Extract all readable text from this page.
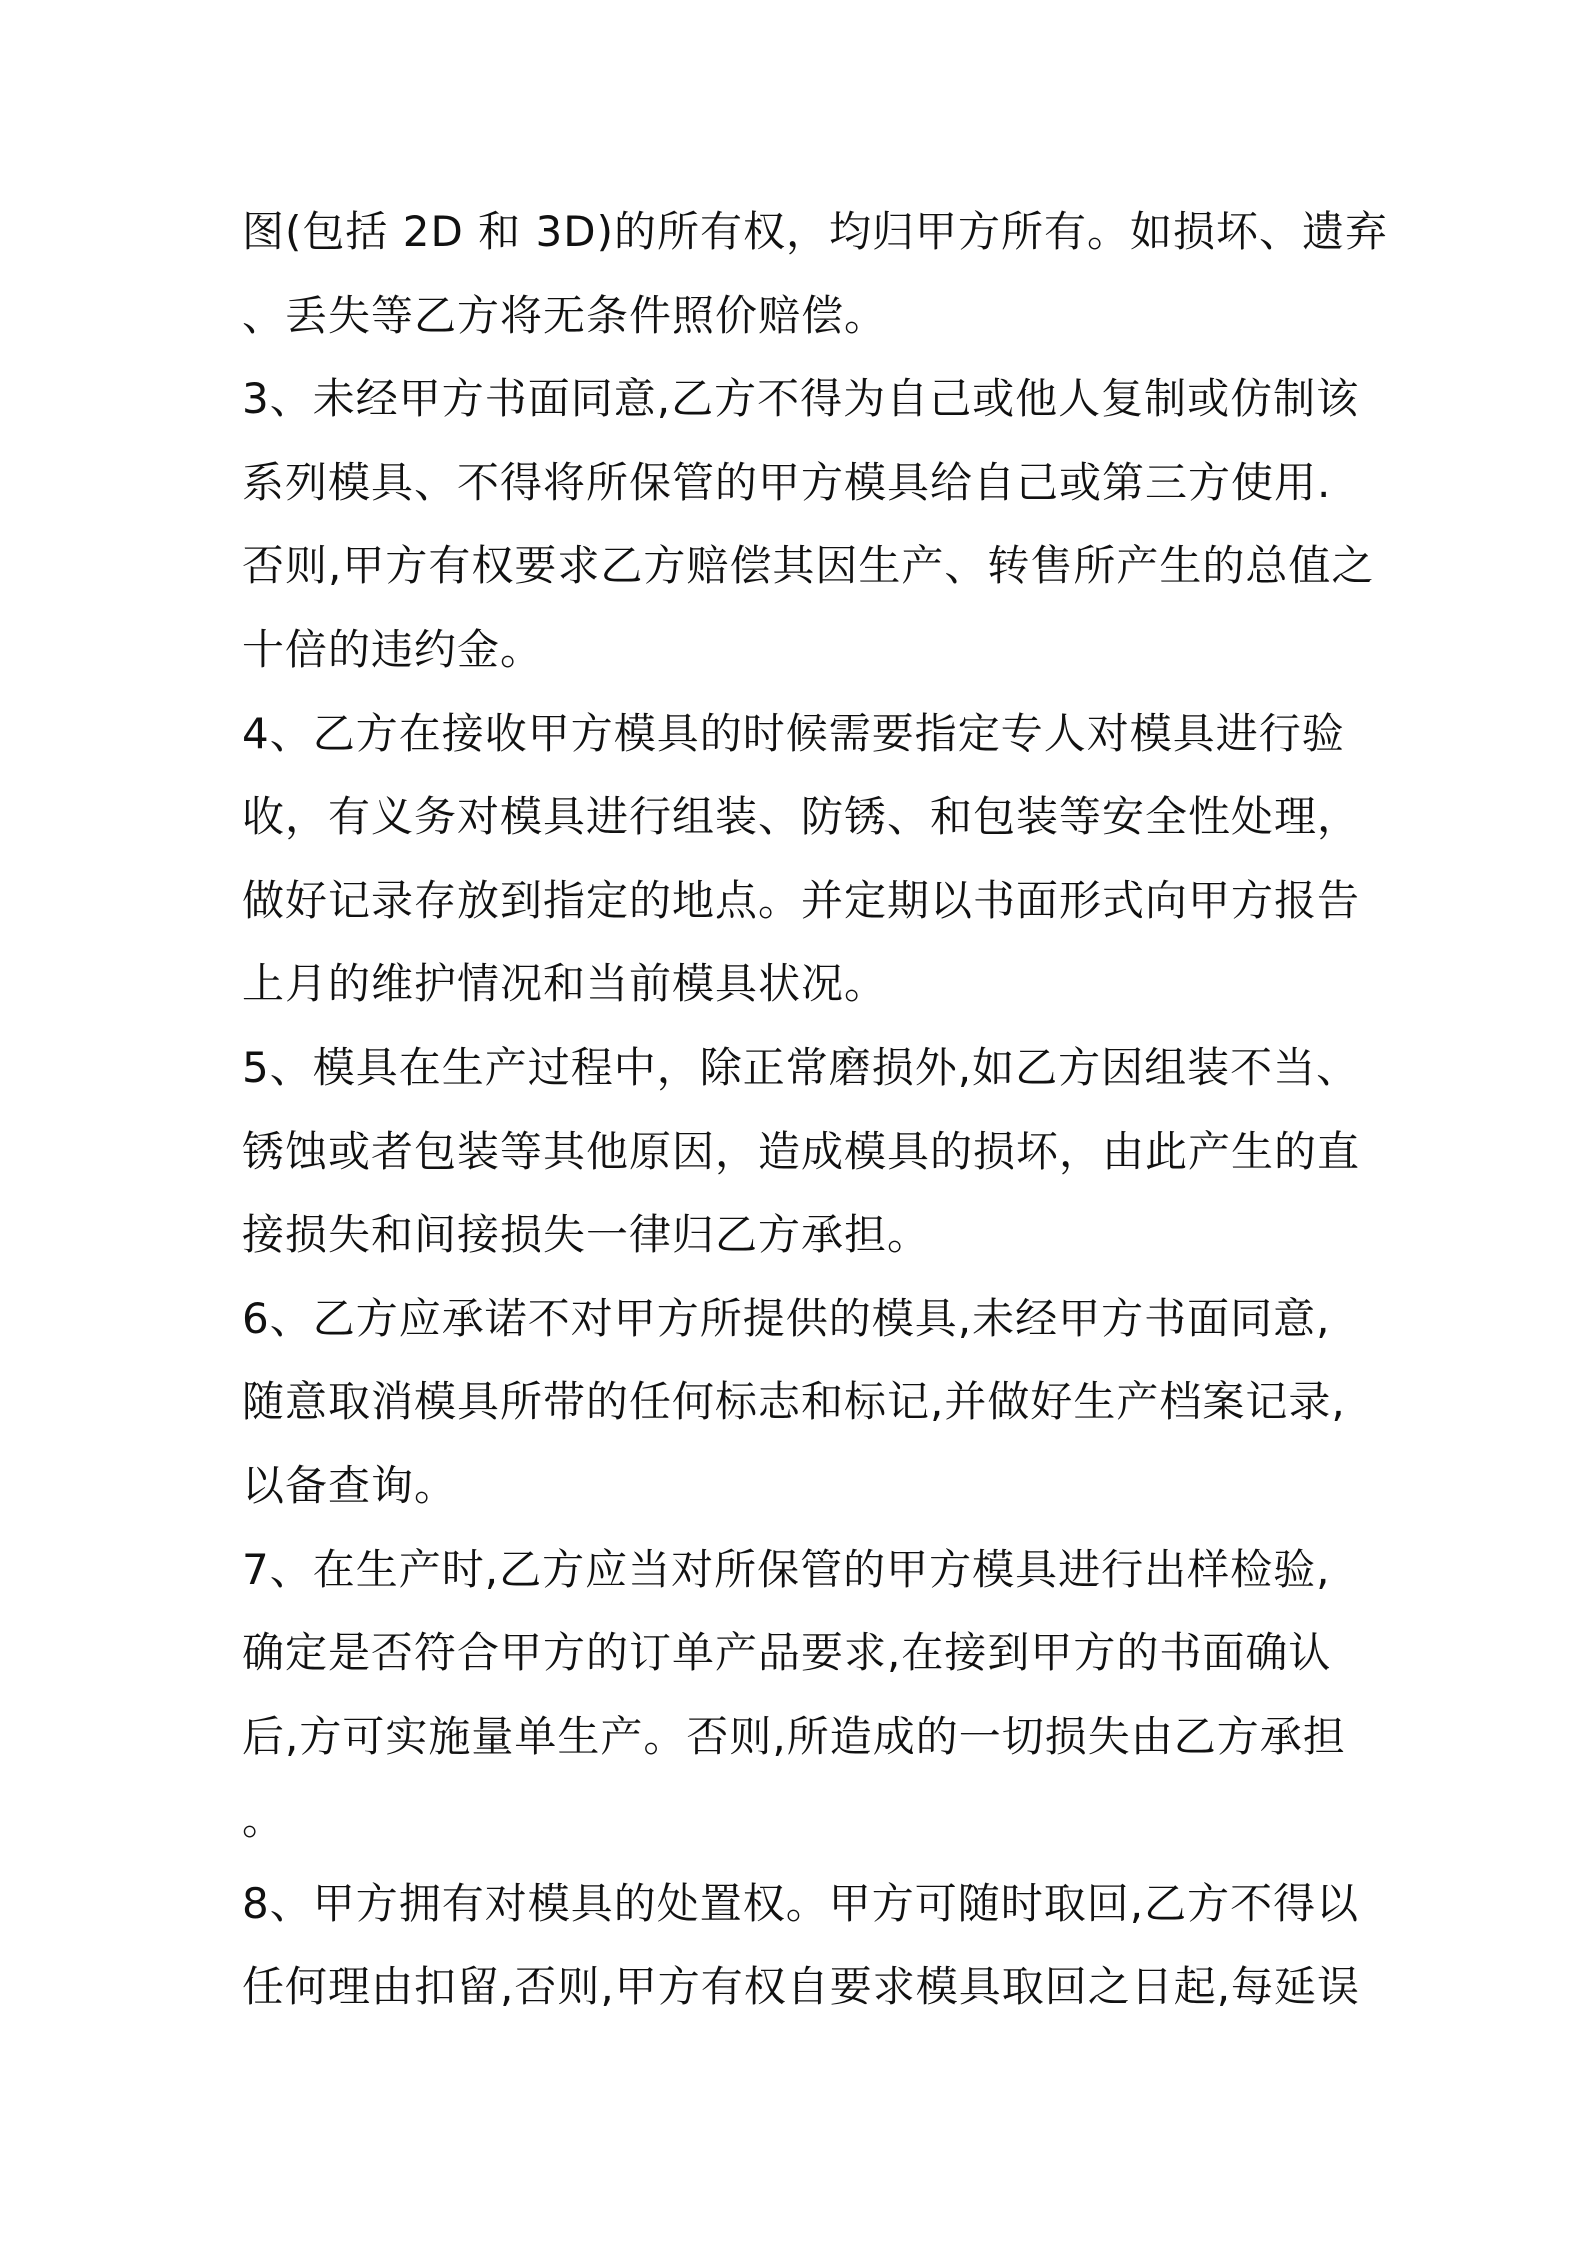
图(包括 2D 和 3D)的所有权，均归甲方所有。如损坏、遗弃
、丢失等乙方将无条件照价赔偿。
3、未经甲方书面同意,乙方不得为自己或他人复制或仿制该
系列模具、不得将所保管的甲方模具给自己或第三方使用.
否则,甲方有权要求乙方赔偿其因生产、转售所产生的总值之
十倍的违约金。
4、乙方在接收甲方模具的时候需要指定专人对模具进行验
收，有义务对模具进行组装、防锈、和包装等安全性处理，
做好记录存放到指定的地点。并定期以书面形式向甲方报告
上月的维护情况和当前模具状况。
5、模具在生产过程中，除正常磨损外,如乙方因组装不当、
锈蚀或者包装等其他原因，造成模具的损坏，由此产生的直
接损失和间接损失一律归乙方承担。
6、乙方应承诺不对甲方所提供的模具,未经甲方书面同意,
随意取消模具所带的任何标志和标记,并做好生产档案记录,
以备查询。
7、在生产时,乙方应当对所保管的甲方模具进行出样检验,
确定是否符合甲方的订单产品要求,在接到甲方的书面确认
后,方可实施量单生产。否则,所造成的一切损失由乙方承担
。
8、甲方拥有对模具的处置权。甲方可随时取回,乙方不得以
任何理由扣留,否则,甲方有权自要求模具取回之日起,每延误
